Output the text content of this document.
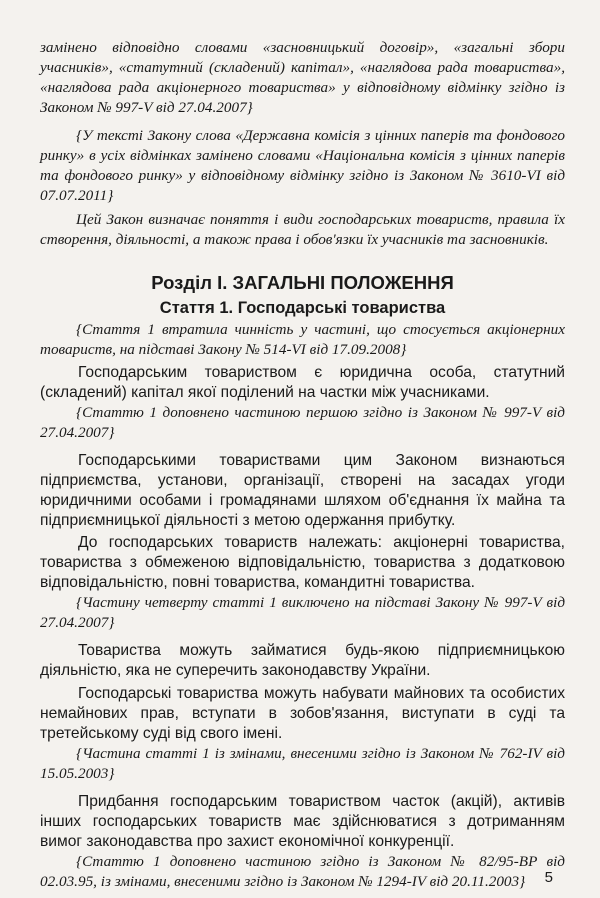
замінено відповідно словами «засновницький договір», «загальні збори учасників», «статутний (складений) капітал», «наглядова рада товариства», «наглядова рада акціонерного товариства» у відповідному відмінку згідно із Законом № 997-V від 27.04.2007}

{У тексті Закону слова «Державна комісія з цінних паперів та фондового ринку» в усіх відмінках замінено словами «Національна комісія з цінних паперів та фондового ринку» у відповідному відмінку згідно із Законом № 3610-VI від 07.07.2011}

Цей Закон визначає поняття і види господарських товариств, правила їх створення, діяльності, а також права і обов'язки їх учасників та засновників.

Розділ I. ЗАГАЛЬНІ ПОЛОЖЕННЯ

Стаття 1. Господарські товариства

{Стаття 1 втратила чинність у частині, що стосується акціонерних товариств, на підставі Закону № 514-VI від 17.09.2008}

Господарським товариством є юридична особа, статутний (складений) капітал якої поділений на частки між учасниками.

{Статтю 1 доповнено частиною першою згідно із Законом № 997-V від 27.04.2007}

Господарськими товариствами цим Законом визнаються підприємства, установи, організації, створені на засадах угоди юридичними особами і громадянами шляхом об'єднання їх майна та підприємницької діяльності з метою одержання прибутку.

До господарських товариств належать: акціонерні товариства, товариства з обмеженою відповідальністю, товариства з додатковою відповідальністю, повні товариства, командитні товариства.

{Частину четверту статті 1 виключено на підставі Закону № 997-V від 27.04.2007}

Товариства можуть займатися будь-якою підприємницькою діяльністю, яка не суперечить законодавству України.

Господарські товариства можуть набувати майнових та особистих немайнових прав, вступати в зобов'язання, виступати в суді та третейському суді від свого імені.

{Частина статті 1 із змінами, внесеними згідно із Законом № 762-IV від 15.05.2003}

Придбання господарським товариством часток (акцій), активів інших господарських товариств має здійснюватися з дотриманням вимог законодавства про захист економічної конкуренції.

{Статтю 1 доповнено частиною згідно із Законом № 82/95-ВР від 02.03.95, із змінами, внесеними згідно із Законом № 1294-IV від 20.11.2003}	5
